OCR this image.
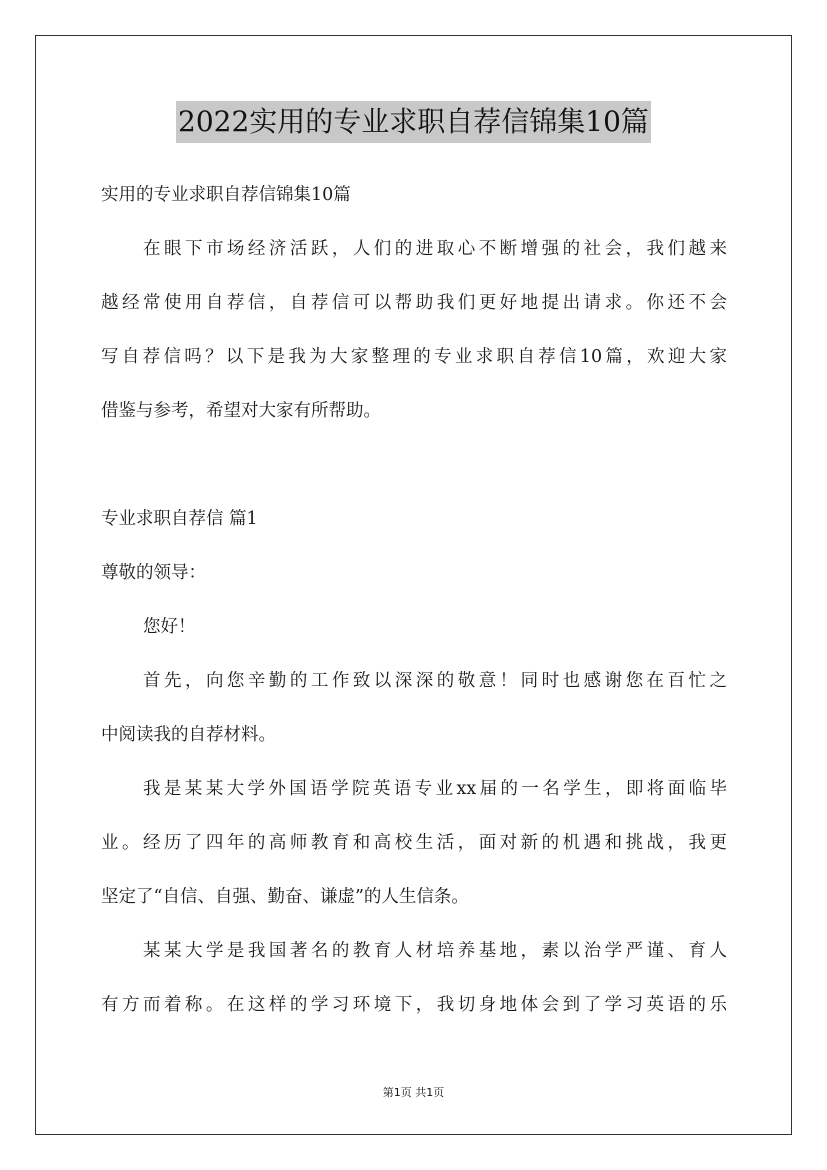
2022实用的专业求职自荐信锦集10篇
实用的专业求职自荐信锦集10篇
在眼下市场经济活跃，人们的进取心不断增强的社会，我们越来
越经常使用自荐信，自荐信可以帮助我们更好地提出请求。你还不会
写自荐信吗？以下是我为大家整理的专业求职自荐信10篇，欢迎大家
借鉴与参考，希望对大家有所帮助。
专业求职自荐信 篇1
尊敬的领导：
您好！
首先，向您辛勤的工作致以深深的敬意！同时也感谢您在百忙之
中阅读我的自荐材料。
我是某某大学外国语学院英语专业xx届的一名学生，即将面临毕
业。经历了四年的高师教育和高校生活，面对新的机遇和挑战，我更
坚定了“自信、自强、勤奋、谦虚”的人生信条。
某某大学是我国著名的教育人材培养基地，素以治学严谨、育人
有方而着称。在这样的学习环境下，我切身地体会到了学习英语的乐
第1页 共1页
